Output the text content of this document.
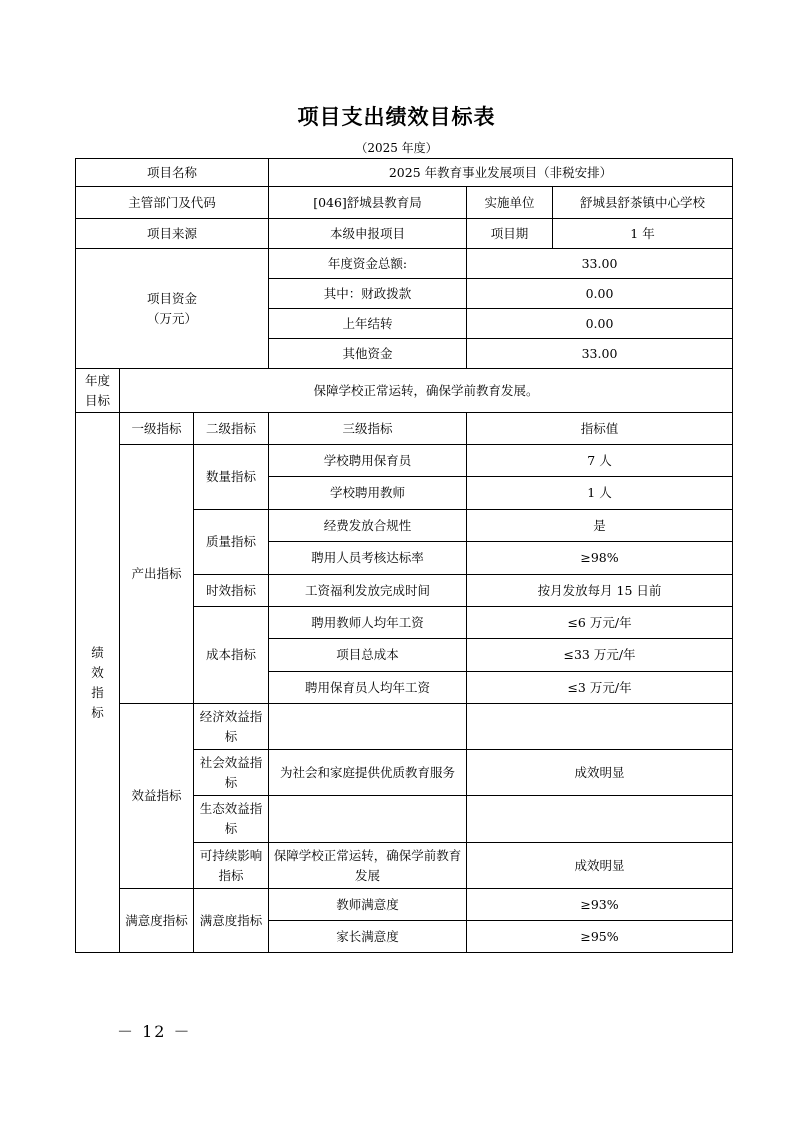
项目支出绩效目标表
（2025 年度）
项目名称			2025 年教育事业发展项目（非税安排）		
主管部门及代码			[046]舒城县教育局	实施单位	舒城县舒茶镇中心学校
项目来源			本级申报项目	项目期	1 年

项目资金
（万元）			年度资金总额:	33.00	
			其中：财政拨款	0.00	
			上年结转	0.00	
			其他资金	33.00	

年度
目标	保障学校正常运转，确保学前教育发展。				

绩
效
指
标	一级指标	二级指标	三级指标	指标值	
	产出指标	数量指标	学校聘用保育员	7 人	
			学校聘用教师	1 人	
		质量指标	经费发放合规性	是	
			聘用人员考核达标率	≥98%	
		时效指标	工资福利发放完成时间	按月发放每月 15 日前	
		成本指标	聘用教师人均年工资	≤6 万元/年	
			项目总成本	≤33 万元/年	
			聘用保育员人均年工资	≤3 万元/年	
	效益指标	经济效益指标			
		社会效益指标	为社会和家庭提供优质教育服务	成效明显	
		生态效益指标			
		可持续影响指标	保障学校正常运转，确保学前教育发展	成效明显	
	满意度指标	满意度指标	教师满意度	≥93%	
			家长满意度	≥95%	
－ 12 －
